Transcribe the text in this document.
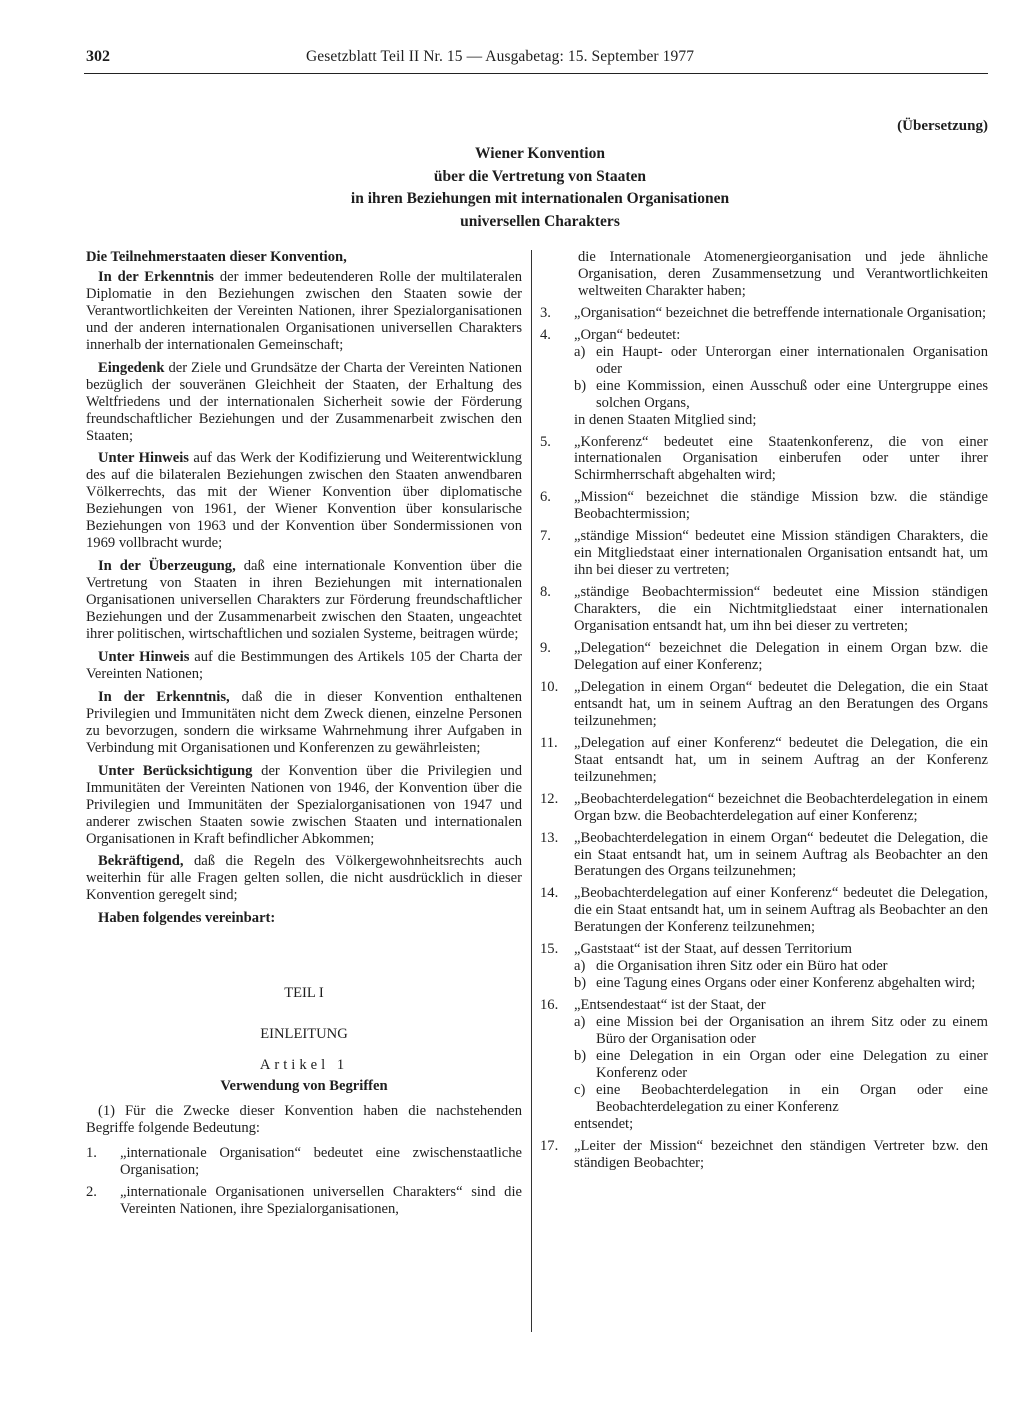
302	Gesetzblatt Teil II Nr. 15 — Ausgabetag: 15. September 1977
(Übersetzung)
Wiener Konvention
über die Vertretung von Staaten
in ihren Beziehungen mit internationalen Organisationen
universellen Charakters

Die Teilnehmerstaaten dieser Konvention,

In der Erkenntnis der immer bedeutenderen Rolle der multilateralen Diplomatie in den Beziehungen zwischen den Staaten sowie der Verantwortlichkeiten der Vereinten Nationen, ihrer Spezialorganisationen und der anderen internationalen Organisationen universellen Charakters innerhalb der internationalen Gemeinschaft;

Eingedenk der Ziele und Grundsätze der Charta der Vereinten Nationen bezüglich der souveränen Gleichheit der Staaten, der Erhaltung des Weltfriedens und der internationalen Sicherheit sowie der Förderung freundschaftlicher Beziehungen und der Zusammenarbeit zwischen den Staaten;

Unter Hinweis auf das Werk der Kodifizierung und Weiterentwicklung des auf die bilateralen Beziehungen zwischen den Staaten anwendbaren Völkerrechts, das mit der Wiener Konvention über diplomatische Beziehungen von 1961, der Wiener Konvention über konsularische Beziehungen von 1963 und der Konvention über Sondermissionen von 1969 vollbracht wurde;

In der Überzeugung, daß eine internationale Konvention über die Vertretung von Staaten in ihren Beziehungen mit internationalen Organisationen universellen Charakters zur Förderung freundschaftlicher Beziehungen und der Zusammenarbeit zwischen den Staaten, ungeachtet ihrer politischen, wirtschaftlichen und sozialen Systeme, beitragen würde;

Unter Hinweis auf die Bestimmungen des Artikels 105 der Charta der Vereinten Nationen;

In der Erkenntnis, daß die in dieser Konvention enthaltenen Privilegien und Immunitäten nicht dem Zweck dienen, einzelne Personen zu bevorzugen, sondern die wirksame Wahrnehmung ihrer Aufgaben in Verbindung mit Organisationen und Konferenzen zu gewährleisten;

Unter Berücksichtigung der Konvention über die Privilegien und Immunitäten der Vereinten Nationen von 1946, der Konvention über die Privilegien und Immunitäten der Spezialorganisationen von 1947 und anderer zwischen Staaten sowie zwischen Staaten und internationalen Organisationen in Kraft befindlicher Abkommen;

Bekräftigend, daß die Regeln des Völkergewohnheitsrechts auch weiterhin für alle Fragen gelten sollen, die nicht ausdrücklich in dieser Konvention geregelt sind;

Haben folgendes vereinbart:

TEIL I

EINLEITUNG

Artikel 1

Verwendung von Begriffen

(1) Für die Zwecke dieser Konvention haben die nachstehenden Begriffe folgende Bedeutung:

1.	„internationale Organisation“ bedeutet eine zwischenstaatliche Organisation;
2.	„internationale Organisationen universellen Charakters“ sind die Vereinten Nationen, ihre Spezialorganisationen,

die Internationale Atomenergieorganisation und jede ähnliche Organisation, deren Zusammensetzung und Verantwortlichkeiten weltweiten Charakter haben;

3.	„Organisation“ bezeichnet die betreffende internationale Organisation;
4.	„Organ“ bedeutet:

a) ein Haupt- oder Unterorgan einer internationalen Organisation oder
b) eine Kommission, einen Ausschuß oder eine Untergruppe eines solchen Organs,

in denen Staaten Mitglied sind;

5.	„Konferenz“ bedeutet eine Staatenkonferenz, die von einer internationalen Organisation einberufen oder unter ihrer Schirmherrschaft abgehalten wird;
6.	„Mission“ bezeichnet die ständige Mission bzw. die ständige Beobachtermission;
7.	„ständige Mission“ bedeutet eine Mission ständigen Charakters, die ein Mitgliedstaat einer internationalen Organisation entsandt hat, um ihn bei dieser zu vertreten;
8.	„ständige Beobachtermission“ bedeutet eine Mission ständigen Charakters, die ein Nichtmitgliedstaat einer internationalen Organisation entsandt hat, um ihn bei dieser zu vertreten;
9.	„Delegation“ bezeichnet die Delegation in einem Organ bzw. die Delegation auf einer Konferenz;
10.	„Delegation in einem Organ“ bedeutet die Delegation, die ein Staat entsandt hat, um in seinem Auftrag an den Beratungen des Organs teilzunehmen;
11.	„Delegation auf einer Konferenz“ bedeutet die Delegation, die ein Staat entsandt hat, um in seinem Auftrag an der Konferenz teilzunehmen;
12.	„Beobachterdelegation“ bezeichnet die Beobachterdelegation in einem Organ bzw. die Beobachterdelegation auf einer Konferenz;
13.	„Beobachterdelegation in einem Organ“ bedeutet die Delegation, die ein Staat entsandt hat, um in seinem Auftrag als Beobachter an den Beratungen des Organs teilzunehmen;
14.	„Beobachterdelegation auf einer Konferenz“ bedeutet die Delegation, die ein Staat entsandt hat, um in seinem Auftrag als Beobachter an den Beratungen der Konferenz teilzunehmen;
15.	„Gaststaat“ ist der Staat, auf dessen Territorium

a) die Organisation ihren Sitz oder ein Büro hat oder
b) eine Tagung eines Organs oder einer Konferenz abgehalten wird;
16.	„Entsendestaat“ ist der Staat, der

a) eine Mission bei der Organisation an ihrem Sitz oder zu einem Büro der Organisation oder
b) eine Delegation in ein Organ oder eine Delegation zu einer Konferenz oder
c) eine Beobachterdelegation in ein Organ oder eine Beobachterdelegation zu einer Konferenz

entsendet;

17.	„Leiter der Mission“ bezeichnet den ständigen Vertreter bzw. den ständigen Beobachter;
